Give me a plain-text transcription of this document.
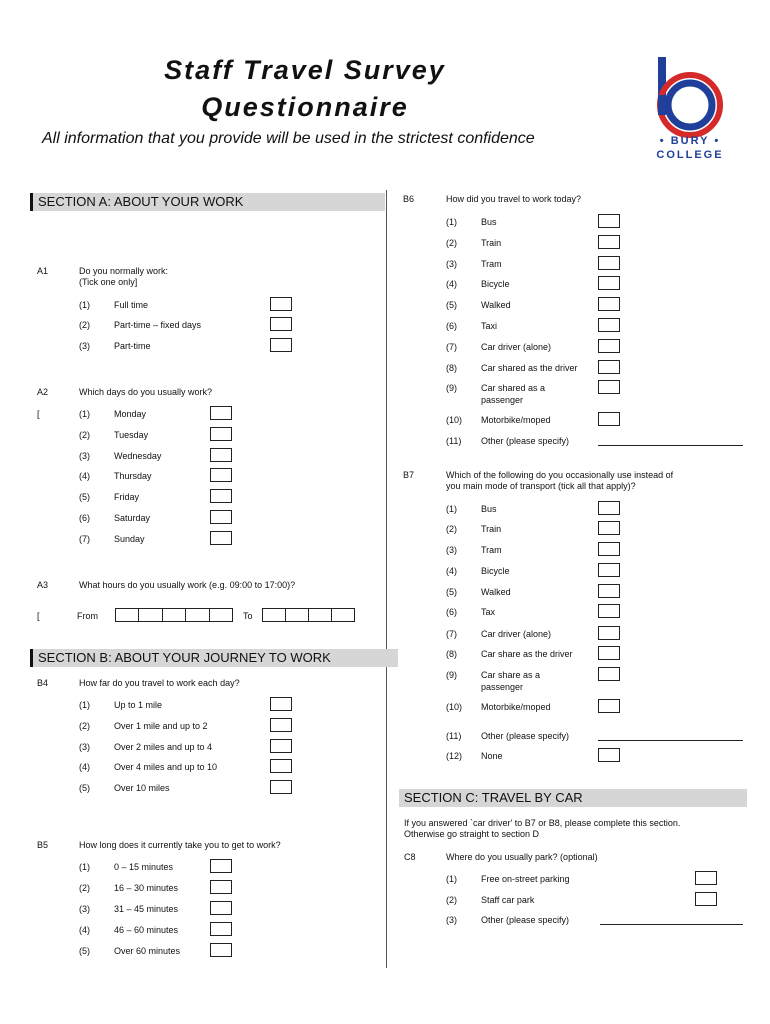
Staff Travel Survey
Questionnaire
All information that you provide will be used in the strictest confidence	• BURY •
COLLEGE
SECTION A: ABOUT YOUR WORK
A1	Do you normally work:
(Tick one only]
(1)	Full time
(2)	Part-time – fixed days
(3)	Part-time
A2	Which days do you usually work?
[	(1)	Monday
(2)	Tuesday
(3)	Wednesday
(4)	Thursday
(5)	Friday
(6)	Saturday
(7)	Sunday
A3	What hours do you usually work (e.g. 09:00 to 17:00)?
[	From	To
SECTION B: ABOUT YOUR JOURNEY TO WORK
B4	How far do you travel to work each day?
(1)	Up to 1 mile
(2)	Over 1 mile and up to 2
(3)	Over 2 miles and up to 4
(4)	Over 4 miles and up to 10
(5)	Over 10 miles
B5	How long does it currently take you to get to work?
(1)	0 – 15 minutes
(2)	16 – 30 minutes
(3)	31 – 45 minutes
(4)	46 – 60 minutes
(5)	Over 60 minutes
B6	How did you travel to work today?
(1)	Bus
(2)	Train
(3)	Tram
(4)	Bicycle
(5)	Walked
(6)	Taxi
(7)	Car driver (alone)
(8)	Car shared as the driver
(9)	Car shared as a
passenger
(10) Motorbike/moped
(11) Other (please specify)
B7	Which of the following do you occasionally use instead of
you main mode of transport (tick all that apply)?
(1)	Bus
(2)	Train
(3)	Tram
(4)	Bicycle
(5)	Walked
(6)	Tax
(7)	Car driver (alone)
(8)	Car share as the driver
(9)	Car share as a
passenger
(10) Motorbike/moped
(11) Other (please specify)
(12) None
SECTION C: TRAVEL BY CAR
If you answered `car driver' to B7 or B8, please complete this section.
Otherwise go straight to section D
C8	Where do you usually park? (optional)
(1)	Free on-street parking
(2)	Staff car park
(3)	Other (please specify)
